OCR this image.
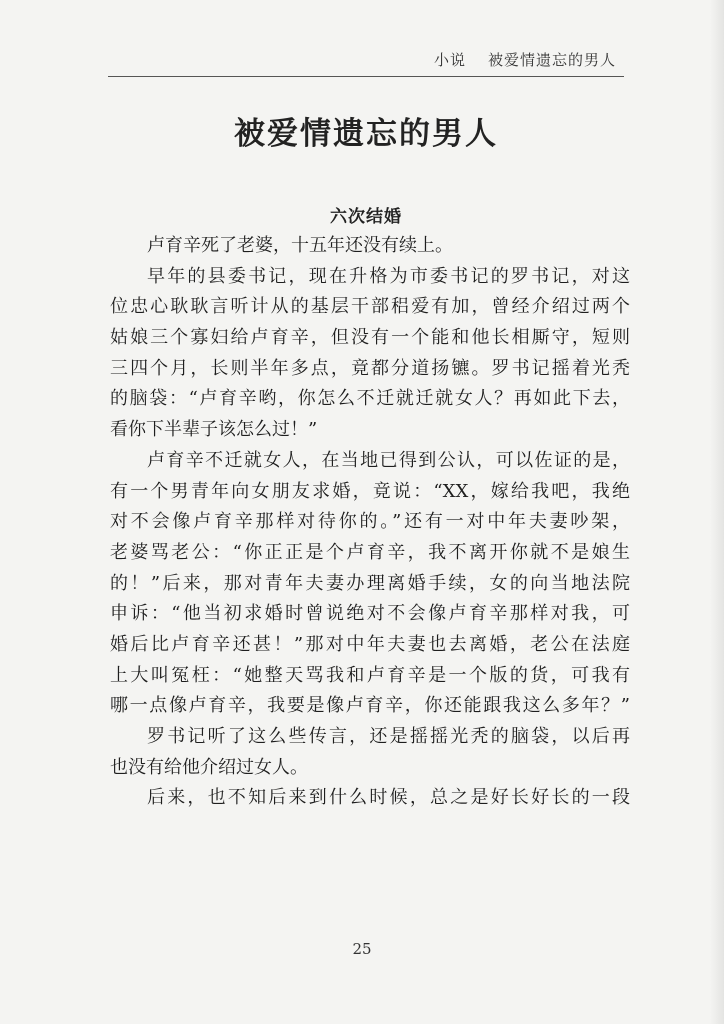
小说 被爱情遗忘的男人
被爱情遗忘的男人
六次结婚
卢育辛死了老婆，十五年还没有续上。
早年的县委书记，现在升格为市委书记的罗书记，对这
位忠心耿耿言听计从的基层干部稆爱有加，曾经介绍过两个
姑娘三个寡妇给卢育辛，但没有一个能和他长相厮守，短则
三四个月，长则半年多点，竟都分道扬镳。罗书记摇着光秃
的脑袋：“卢育辛哟，你怎么不迁就迁就女人？再如此下去，
看你下半辈子该怎么过！”
卢育辛不迁就女人，在当地已得到公认，可以佐证的是，
有一个男青年向女朋友求婚，竟说：“XX，嫁给我吧，我绝
对不会像卢育辛那样对待你的。”还有一对中年夫妻吵架，
老婆骂老公：“你正正是个卢育辛，我不离开你就不是娘生
的！”后来，那对青年夫妻办理离婚手续，女的向当地法院
申诉：“他当初求婚时曾说绝对不会像卢育辛那样对我，可
婚后比卢育辛还甚！”那对中年夫妻也去离婚，老公在法庭
上大叫冤枉：“她整天骂我和卢育辛是一个版的货，可我有
哪一点像卢育辛，我要是像卢育辛，你还能跟我这么多年？”
罗书记听了这么些传言，还是摇摇光秃的脑袋，以后再
也没有给他介绍过女人。
后来，也不知后来到什么时候，总之是好长好长的一段
25
